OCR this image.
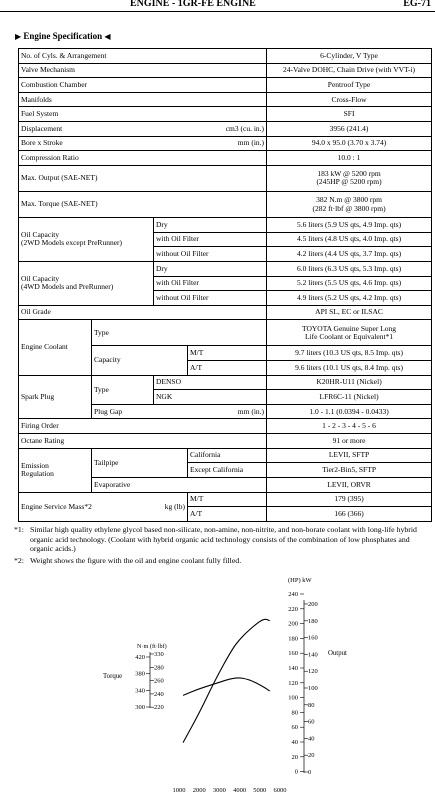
ENGINE - 1GR-FE ENGINE	EG-71
▶ Engine Specification ◀
No. of Cyls. & Arrangement				6-Cylinder, V Type
Valve Mechanism				24-Valve DOHC, Chain Drive (with VVT-i)
Combustion Chamber				Pentroof Type
Manifolds				Cross-Flow
Fuel System				SFI

Displacement cm3 (cu. in.)				3956 (241.4)

Bore x Stroke mm (in.)				94.0 x 95.0 (3.70 x 3.74)
Compression Ratio				10.0 : 1
Max. Output (SAE-NET)				183 kW @ 5200 rpm
(245HP @ 5200 rpm)

Max. Torque (SAE-NET)				382 N.m @ 3800 rpm
(282 ft·lbf @ 3800 rpm)

Oil Capacity
(2WD Models except PreRunner)		Dry		5.6 liters (5.9 US qts, 4.9 Imp. qts)
		with Oil Filter		4.5 liters (4.8 US qts, 4.0 Imp. qts)
		without Oil Filter		4.2 liters (4.4 US qts, 3.7 Imp. qts)

Oil Capacity
(4WD Models and PreRunner)		Dry		6.0 liters (6.3 US qts, 5.3 Imp. qts)
		with Oil Filter		5.2 liters (5.5 US qts, 4.6 Imp. qts)
		without Oil Filter		4.9 liters (5.2 US qts, 4.2 Imp. qts)
Oil Grade				API SL, EC or ILSAC
Engine Coolant	Type			TOYOTA Genuine Super Long
Life Coolant or Equivalent*1

	Capacity		M/T	9.7 liters (10.3 US qts, 8.5 Imp. qts)
			A/T	9.6 liters (10.1 US qts, 8.4 Imp. qts)
Spark Plug	Type	DENSO		K20HR-U11 (Nickel)
		NGK		LFR6C-11 (Nickel)

	Plug Gap mm (in.)			1.0 - 1.1 (0.0394 - 0.0433)
Firing Order				1 - 2 - 3 - 4 - 5 - 6
Octane Rating				91 or more

Emission
Regulation	Tailpipe		California	LEVII, SFTP
			Except California	Tier2-Bin5, SFTP
	Evaporative			LEVII, ORVR

Engine Service Mass*2 kg (lb)			M/T	179 (395)
			A/T	166 (366)
*1: Similar high quality ethylene glycol based non-silicate, non-amine, non-nitrite, and non-borate coolant with long-life hybrid organic acid technology. (Coolant with hybrid organic acid technology consists of the combination of low phosphates and organic acids.)
*2: Weight shows the figure with the oil and engine coolant fully filled.
1000 2000 3000 4000 5000 6000
(HP) kW
240
220
200
180
160
140
120
100
80
60
40
20
0
200
180
160
140
120
100
80
60
40
20
0
Output
N·m (ft·lbf)
420
380
340
300
330
280
260
240
220
Torque
